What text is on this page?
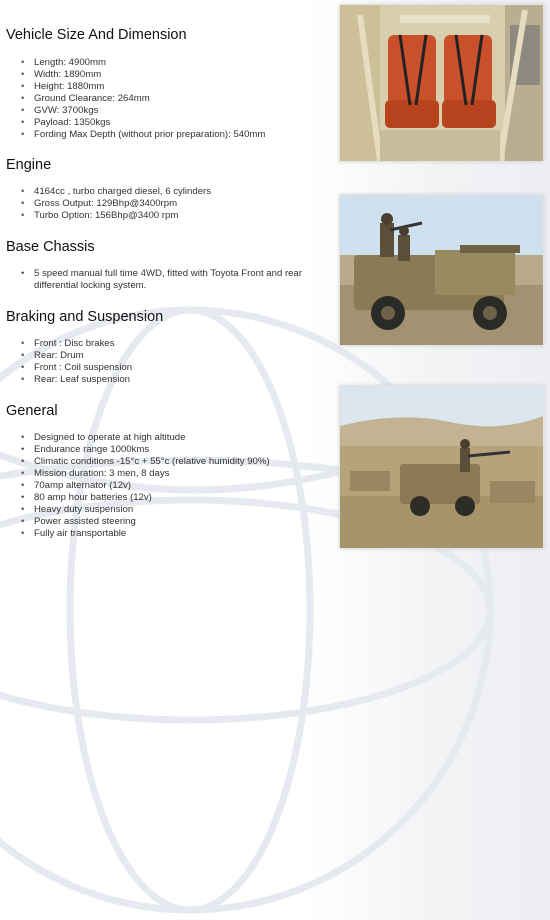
Vehicle Size And Dimension
• Length: 4900mm
• Width: 1890mm
• Height: 1880mm
• Ground Clearance: 264mm
• GVW: 3700kgs
• Payload: 1350kgs
• Fording Max Depth (without prior preparation): 540mm
Engine
• 4164cc , turbo charged diesel, 6 cylinders
• Gross Output: 129Bhp@3400rpm
• Turbo Option: 156Bhp@3400 rpm
Base Chassis
• 5 speed manual full time 4WD, fitted with Toyota Front and rear differential locking system.
Braking and Suspension
• Front : Disc brakes
• Rear: Drum
• Front : Coil suspension
• Rear: Leaf suspension
General
• Designed to operate at high altitude
• Endurance range 1000kms
• Climatic conditions -15°c + 55°c (relative humidity 90%)
• Mission duration: 3 men, 8 days
• 70amp alternator (12v)
• 80 amp hour batteries (12v)
• Heavy duty suspension
• Power assisted steering
• Fully air transportable
